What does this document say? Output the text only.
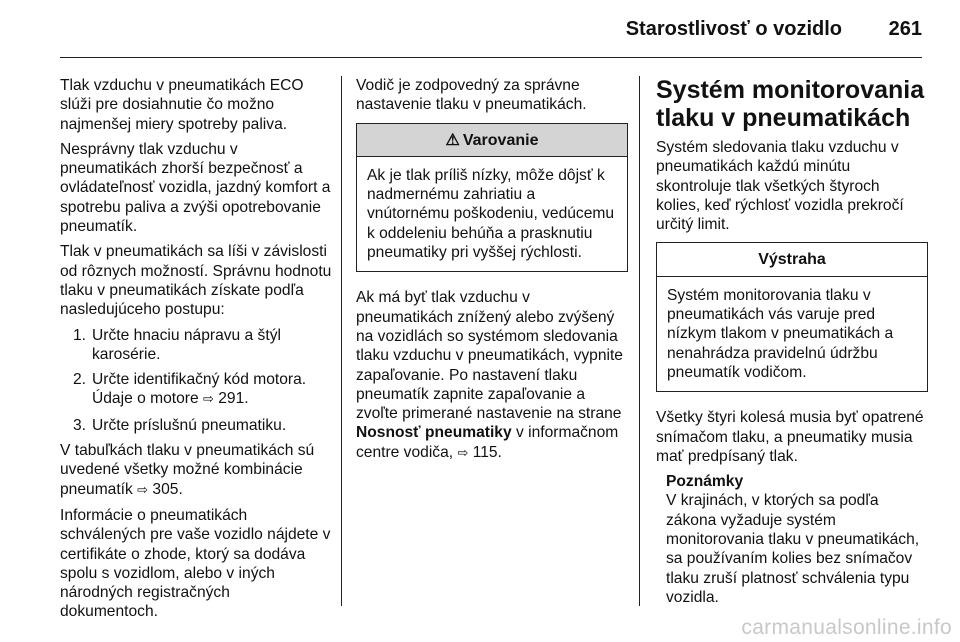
Starostlivosť o vozidlo 261

Tlak vzduchu v pneumatikách ECO slúži pre dosiahnutie čo možno najmenšej miery spotreby paliva.

Nesprávny tlak vzduchu v pneumatikách zhorší bezpečnosť a ovládateľnosť vozidla, jazdný komfort a spotrebu paliva a zvýši opotrebovanie pneumatík.

Tlak v pneumatikách sa líši v závislosti od rôznych možností. Správnu hodnotu tlaku v pneumatikách získate podľa nasledujúceho postupu:

1. Určte hnaciu nápravu a štýl karosérie.
2. Určte identifikačný kód motora. Údaje o motore ⇨ 291.
3. Určte príslušnú pneumatiku.

V tabuľkách tlaku v pneumatikách sú uvedené všetky možné kombinácie pneumatík ⇨ 305.

Informácie o pneumatikách schválených pre vaše vozidlo nájdete v certifikáte o zhode, ktorý sa dodáva spolu s vozidlom, alebo v iných národných registračných dokumentoch.

Vodič je zodpovedný za správne nastavenie tlaku v pneumatikách.

⚠ Varovanie
Ak je tlak príliš nízky, môže dôjsť k nadmernému zahriatiu a vnútornému poškodeniu, vedúcemu k oddeleniu behúňa a prasknutiu pneumatiky pri vyššej rýchlosti.

Ak má byť tlak vzduchu v pneumatikách znížený alebo zvýšený na vozidlách so systémom sledovania tlaku vzduchu v pneumatikách, vypnite zapaľovanie. Po nastavení tlaku pneumatík zapnite zapaľovanie a zvoľte primerané nastavenie na strane Nosnosť pneumatiky v informačnom centre vodiča, ⇨ 115.

Systém monitorovania tlaku v pneumatikách

Systém sledovania tlaku vzduchu v pneumatikách každú minútu skontroluje tlak všetkých štyroch kolies, keď rýchlosť vozidla prekročí určitý limit.

Výstraha
Systém monitorovania tlaku v pneumatikách vás varuje pred nízkym tlakom v pneumatikách a nenahrádza pravidelnú údržbu pneumatík vodičom.

Všetky štyri kolesá musia byť opatrené snímačom tlaku, a pneumatiky musia mať predpísaný tlak.

Poznámky
V krajinách, v ktorých sa podľa zákona vyžaduje systém monitorovania tlaku v pneumatikách, sa používaním kolies bez snímačov tlaku zruší platnosť schválenia typu vozidla.
carmanualsonline.info
